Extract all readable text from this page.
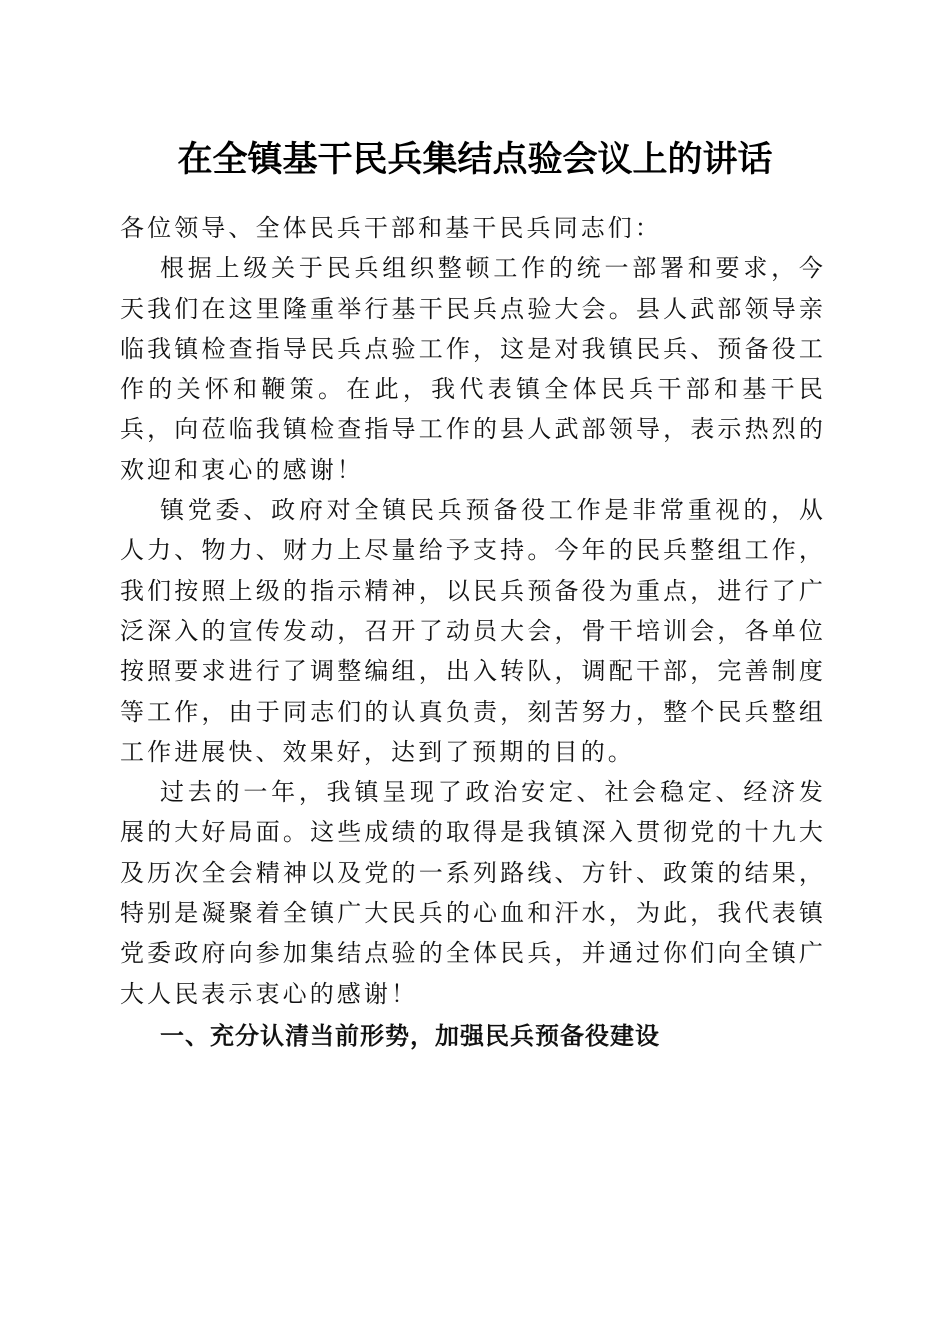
在全镇基干民兵集结点验会议上的讲话

各位领导、全体民兵干部和基干民兵同志们：

根据上级关于民兵组织整顿工作的统一部署和要求，今天我们在这里隆重举行基干民兵点验大会。县人武部领导亲临我镇检查指导民兵点验工作，这是对我镇民兵、预备役工作的关怀和鞭策。在此，我代表镇全体民兵干部和基干民兵，向莅临我镇检查指导工作的县人武部领导，表示热烈的欢迎和衷心的感谢！

镇党委、政府对全镇民兵预备役工作是非常重视的，从人力、物力、财力上尽量给予支持。今年的民兵整组工作，我们按照上级的指示精神，以民兵预备役为重点，进行了广泛深入的宣传发动，召开了动员大会，骨干培训会，各单位按照要求进行了调整编组，出入转队，调配干部，完善制度等工作，由于同志们的认真负责，刻苦努力，整个民兵整组工作进展快、效果好，达到了预期的目的。

过去的一年，我镇呈现了政治安定、社会稳定、经济发展的大好局面。这些成绩的取得是我镇深入贯彻党的十九大及历次全会精神以及党的一系列路线、方针、政策的结果，特别是凝聚着全镇广大民兵的心血和汗水，为此，我代表镇党委政府向参加集结点验的全体民兵，并通过你们向全镇广大人民表示衷心的感谢！

一、充分认清当前形势，加强民兵预备役建设
